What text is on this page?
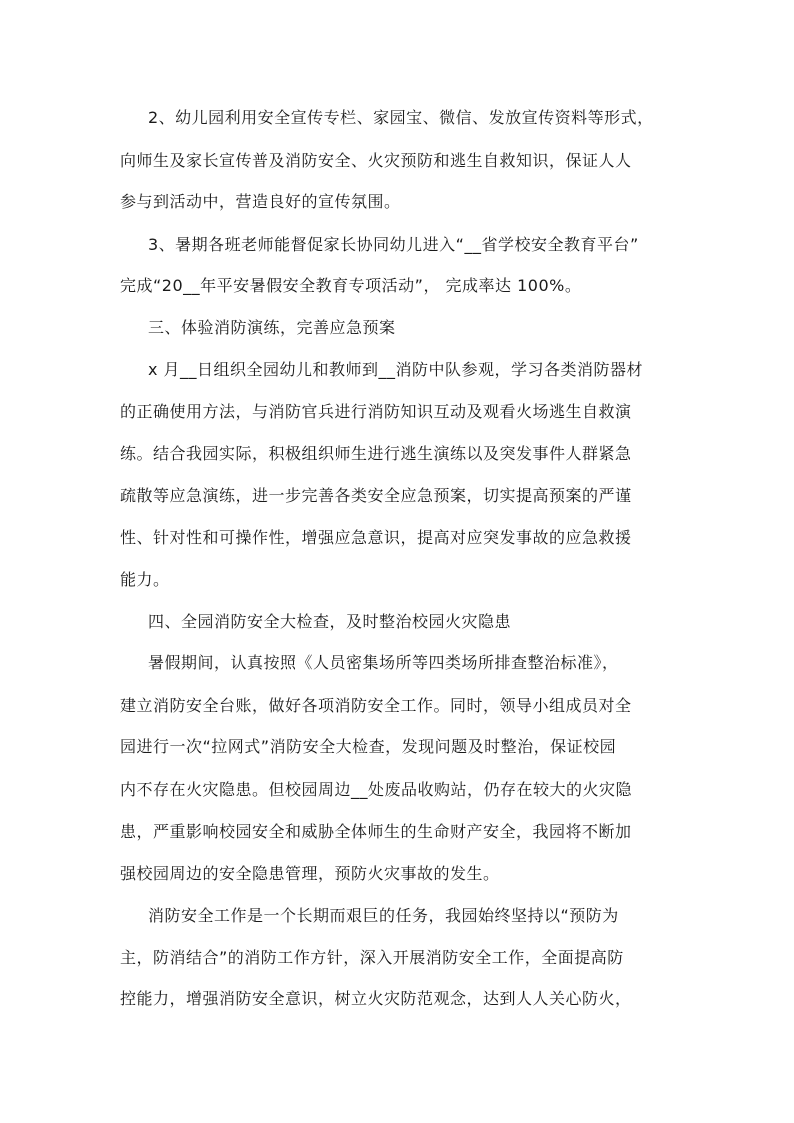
2、幼儿园利用安全宣传专栏、家园宝、微信、发放宣传资料等形式，
向师生及家长宣传普及消防安全、火灾预防和逃生自救知识，保证人人
参与到活动中，营造良好的宣传氛围。
3、暑期各班老师能督促家长协同幼儿进入“__省学校安全教育平台”
完成“20__年平安暑假安全教育专项活动”， 完成率达 100%。
三、体验消防演练，完善应急预案
x 月__日组织全园幼儿和教师到__消防中队参观，学习各类消防器材
的正确使用方法，与消防官兵进行消防知识互动及观看火场逃生自救演
练。结合我园实际，积极组织师生进行逃生演练以及突发事件人群紧急
疏散等应急演练，进一步完善各类安全应急预案，切实提高预案的严谨
性、针对性和可操作性，增强应急意识，提高对应突发事故的应急救援
能力。
四、全园消防安全大检查，及时整治校园火灾隐患
暑假期间，认真按照《人员密集场所等四类场所排查整治标准》，
建立消防安全台账，做好各项消防安全工作。同时，领导小组成员对全
园进行一次“拉网式”消防安全大检查，发现问题及时整治，保证校园
内不存在火灾隐患。但校园周边__处废品收购站，仍存在较大的火灾隐
患，严重影响校园安全和威胁全体师生的生命财产安全，我园将不断加
强校园周边的安全隐患管理，预防火灾事故的发生。
消防安全工作是一个长期而艰巨的任务，我园始终坚持以“预防为
主，防消结合”的消防工作方针，深入开展消防安全工作，全面提高防
控能力，增强消防安全意识，树立火灾防范观念，达到人人关心防火，
